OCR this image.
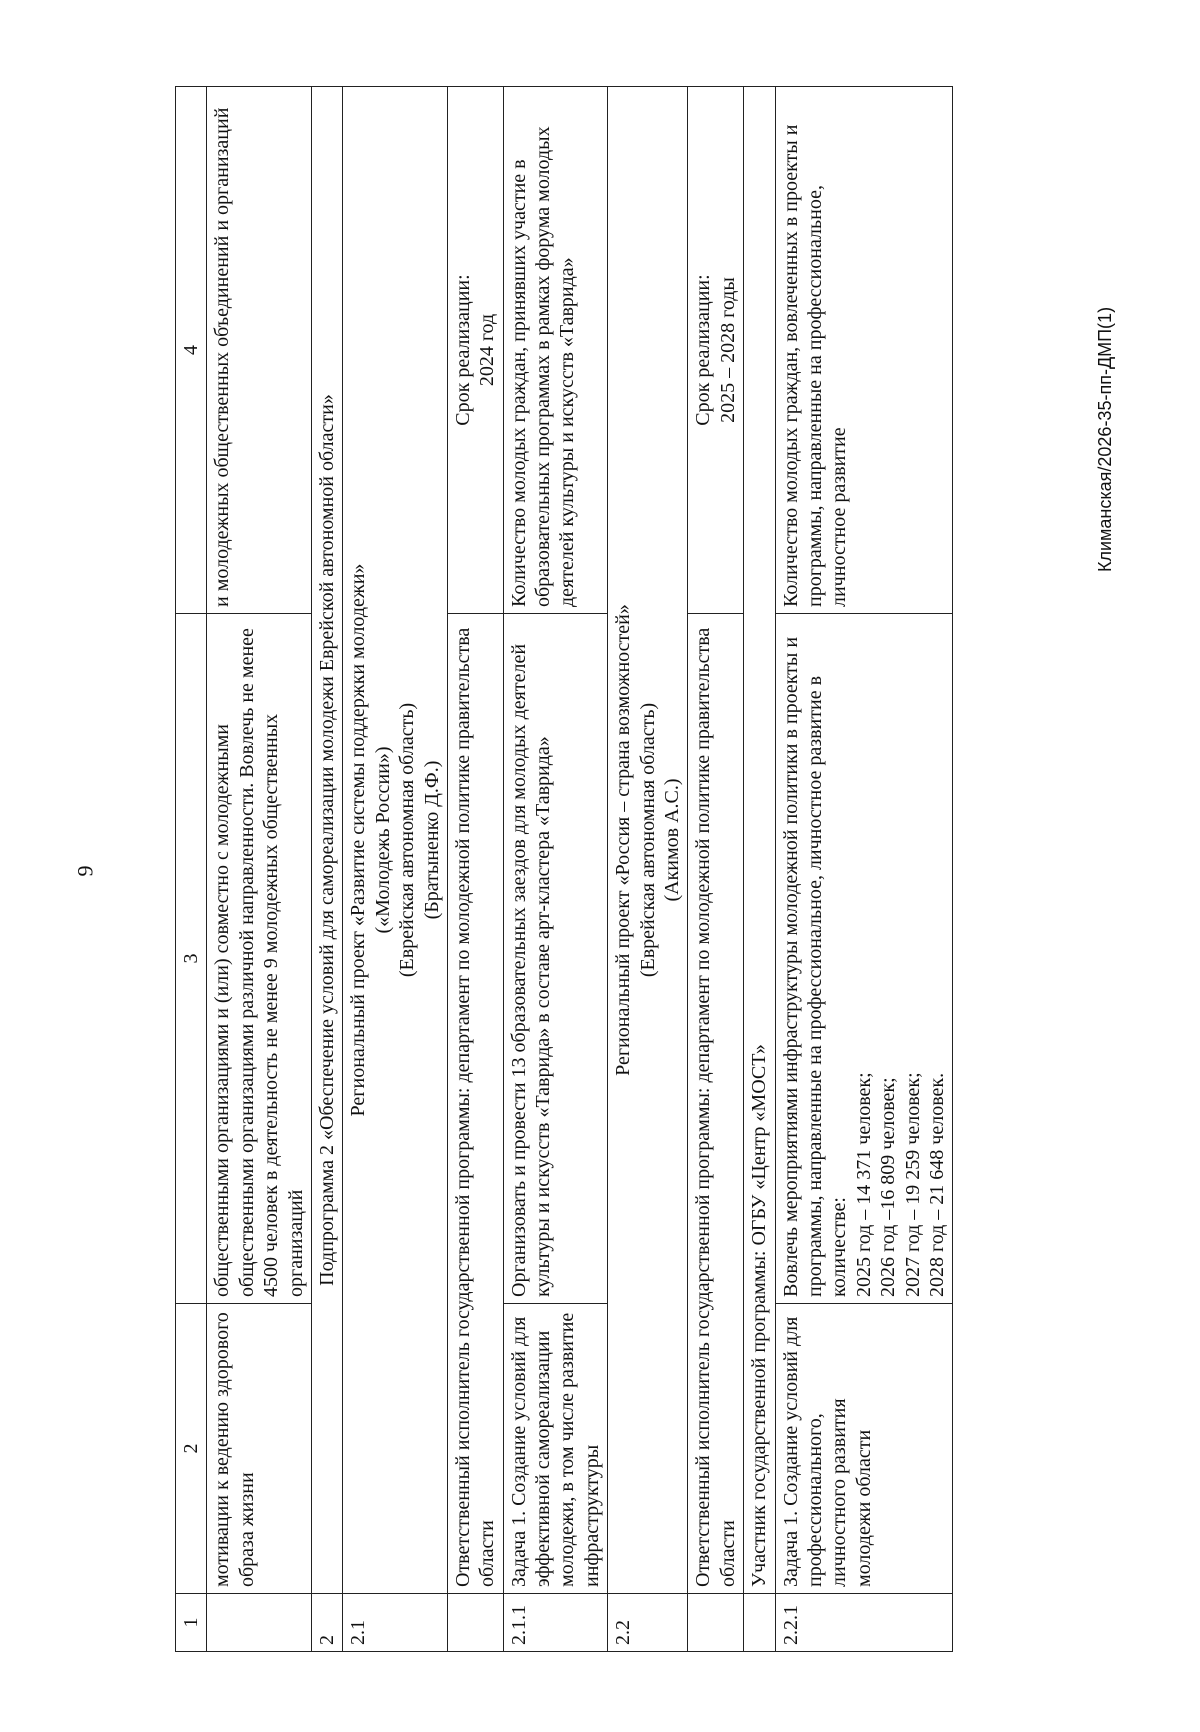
9
1	2	3	4
	мотивации к ведению здорового образа жизни	общественными организациями и (или) совместно с молодежными общественными организациями различной направленности. Вовлечь не менее 4500 человек в деятельность не менее 9 молодежных общественных организаций	и молодежных общественных объединений и организаций
2	Подпрограмма 2 «Обеспечение условий для самореализации молодежи Еврейской автономной области»		
2.1	Региональный проект «Развитие системы поддержки молодежи» («Молодежь России») (Еврейская автономная область) (Братыненко Д.Ф.)		

	Ответственный исполнитель государственной программы: департамент по молодежной политике правительства области		Срок реализации: 2024 год

2.1.1	Задача 1. Создание условий для эффективной самореализации молодежи, в том числе развитие инфраструктуры	Организовать и провести 13 образовательных заездов для молодых деятелей культуры и искусств «Таврида» в составе арт-кластера «Таврида»	Количество молодых граждан, принявших участие в образовательных программах в рамках форума молодых деятелей культуры и искусств «Таврида»
2.2	Региональный проект «Россия – страна возможностей» (Еврейская автономная область) (Акимов А.С.)		

	Ответственный исполнитель государственной программы: департамент по молодежной политике правительства области		Срок реализации: 2025 – 2028 годы

	Участник государственной программы: ОГБУ «Центр «МОСТ»		
2.2.1	Задача 1. Создание условий для профессионального, личностного развития молодежи области	Вовлечь мероприятиями инфраструктуры молодежной политики в проекты и программы, направленные на профессиональное, личностное развитие в количестве: 2025 год – 14 371 человек; 2026 год –16 809 человек; 2027 год – 19 259 человек; 2028 год – 21 648 человек.	Количество молодых граждан, вовлеченных в проекты и программы, направленные на профессиональное, личностное развитие	Климанская/2026-35-пп-ДМП(1)
